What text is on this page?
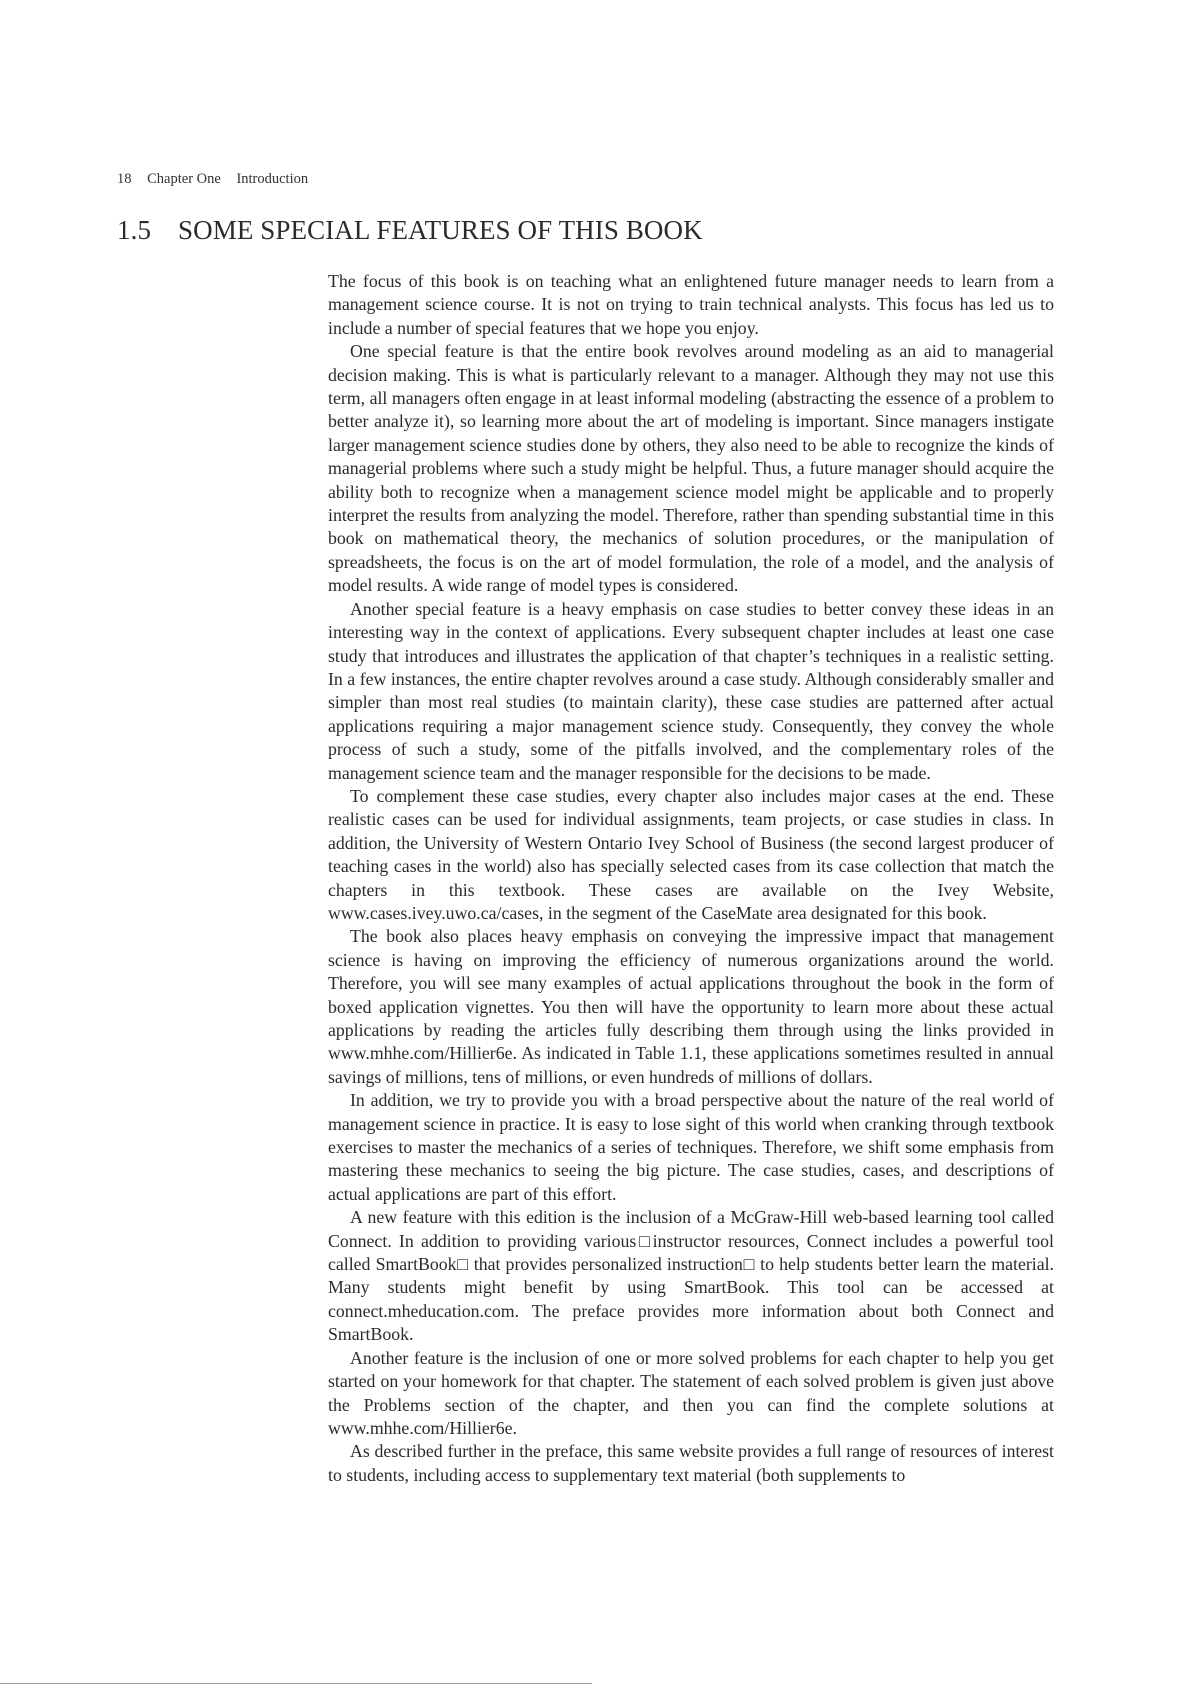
18 Chapter One Introduction
1.5 SOME SPECIAL FEATURES OF THIS BOOK

The focus of this book is on teaching what an enlightened future manager needs to learn from a management science course. It is not on trying to train technical analysts. This focus has led us to include a number of special features that we hope you enjoy.

One special feature is that the entire book revolves around modeling as an aid to managerial decision making. This is what is particularly relevant to a manager. Although they may not use this term, all managers often engage in at least informal modeling (abstracting the essence of a problem to better analyze it), so learning more about the art of modeling is important. Since managers instigate larger management science studies done by others, they also need to be able to recognize the kinds of managerial problems where such a study might be helpful. Thus, a future manager should acquire the ability both to recognize when a management science model might be applicable and to properly interpret the results from analyzing the model. Therefore, rather than spending substantial time in this book on mathematical theory, the mechanics of solution procedures, or the manipulation of spreadsheets, the focus is on the art of model formulation, the role of a model, and the analysis of model results. A wide range of model types is considered.

Another special feature is a heavy emphasis on case studies to better convey these ideas in an interesting way in the context of applications. Every subsequent chapter includes at least one case study that introduces and illustrates the application of that chapter’s techniques in a realistic setting. In a few instances, the entire chapter revolves around a case study. Although considerably smaller and simpler than most real studies (to maintain clarity), these case studies are patterned after actual applications requiring a major management science study. Consequently, they convey the whole process of such a study, some of the pitfalls involved, and the complementary roles of the management science team and the manager responsible for the decisions to be made.

To complement these case studies, every chapter also includes major cases at the end. These realistic cases can be used for individual assignments, team projects, or case studies in class. In addition, the University of Western Ontario Ivey School of Business (the second largest producer of teaching cases in the world) also has specially selected cases from its case collection that match the chapters in this textbook. These cases are available on the Ivey Website, www.cases.ivey.uwo.ca/cases, in the segment of the CaseMate area designated for this book.

The book also places heavy emphasis on conveying the impressive impact that management science is having on improving the efficiency of numerous organizations around the world. Therefore, you will see many examples of actual applications throughout the book in the form of boxed application vignettes. You then will have the opportunity to learn more about these actual applications by reading the articles fully describing them through using the links provided in www.mhhe.com/Hillier6e. As indicated in Table 1.1, these applications sometimes resulted in annual savings of millions, tens of millions, or even hundreds of millions of dollars.

In addition, we try to provide you with a broad perspective about the nature of the real world of management science in practice. It is easy to lose sight of this world when cranking through textbook exercises to master the mechanics of a series of techniques. Therefore, we shift some emphasis from mastering these mechanics to seeing the big picture. The case studies, cases, and descriptions of actual applications are part of this effort.

A new feature with this edition is the inclusion of a McGraw-Hill web-based learning tool called Connect. In addition to providing various□instructor resources, Connect includes a powerful tool called SmartBook□ that provides personalized instruction□ to help students better learn the material. Many students might benefit by using SmartBook. This tool can be accessed at connect.mheducation.com. The preface provides more information about both Connect and SmartBook.

Another feature is the inclusion of one or more solved problems for each chapter to help you get started on your homework for that chapter. The statement of each solved problem is given just above the Problems section of the chapter, and then you can find the complete solutions at www.mhhe.com/Hillier6e.

As described further in the preface, this same website provides a full range of resources of interest to students, including access to supplementary text material (both supplements to
